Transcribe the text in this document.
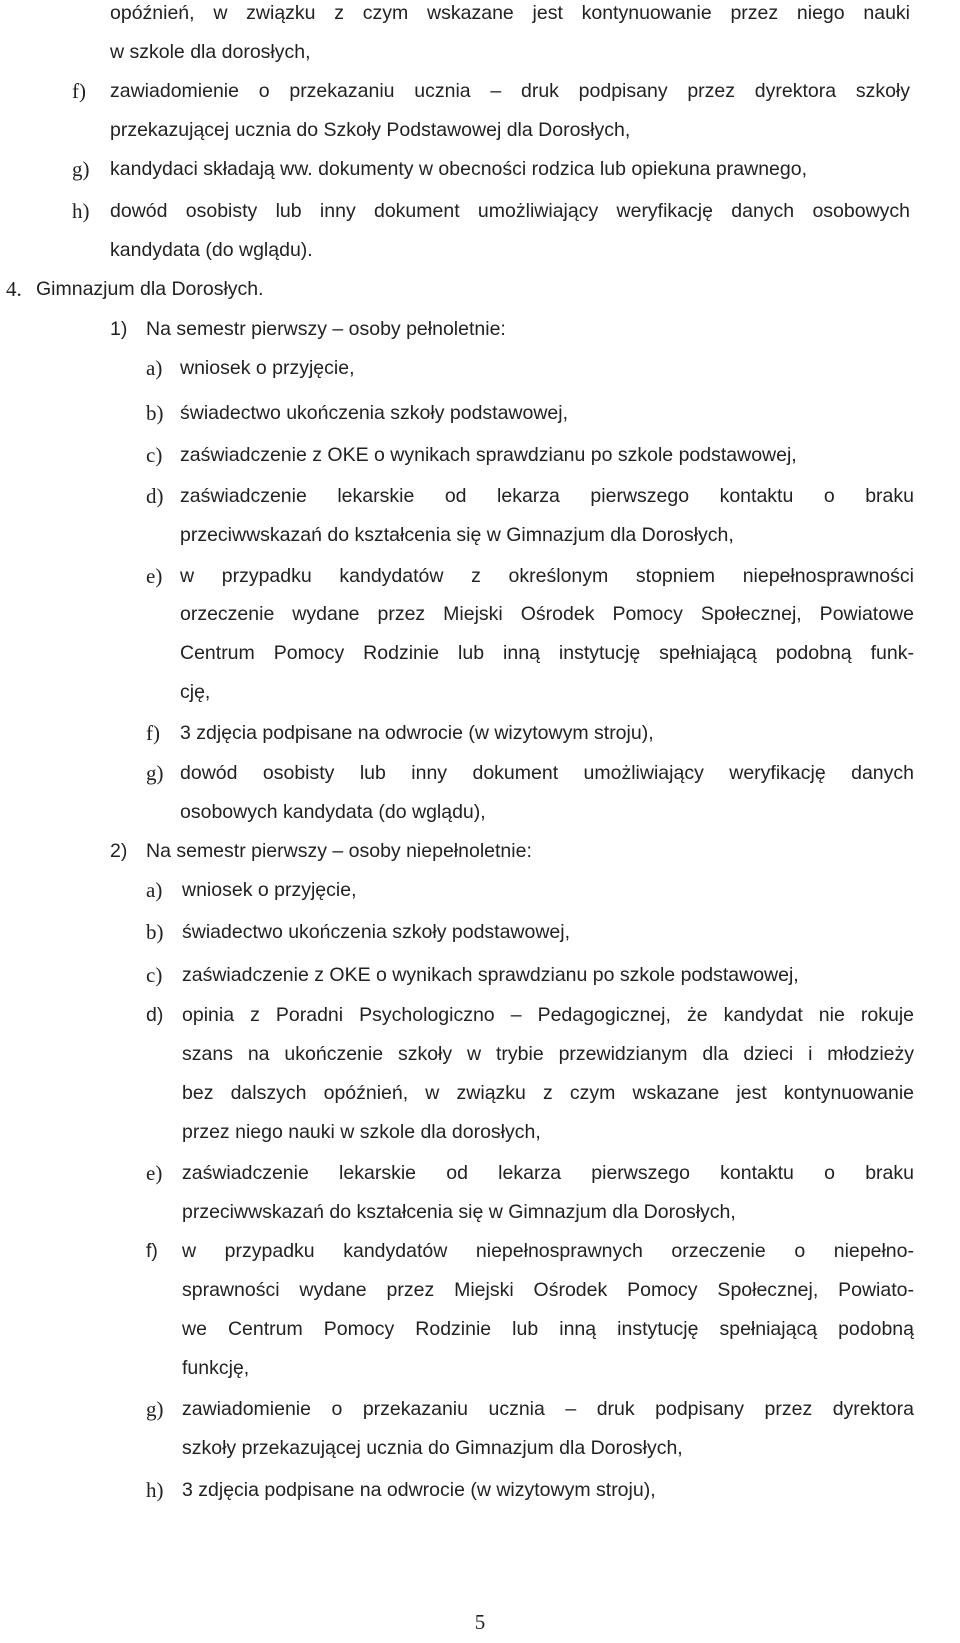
opóźnień, w związku z czym wskazane jest kontynuowanie przez niego nauki
w szkole dla dorosłych,
f) zawiadomienie o przekazaniu ucznia – druk podpisany przez dyrektora szkoły
przekazującej ucznia do Szkoły Podstawowej dla Dorosłych,
g) kandydaci składają ww. dokumenty w obecności rodzica lub opiekuna prawnego,
h) dowód osobisty lub inny dokument umożliwiający weryfikację danych osobowych
kandydata (do wglądu).
4. Gimnazjum dla Dorosłych.
1) Na semestr pierwszy – osoby pełnoletnie:
a) wniosek o przyjęcie,
b) świadectwo ukończenia szkoły podstawowej,
c) zaświadczenie z OKE o wynikach sprawdzianu po szkole podstawowej,
d) zaświadczenie lekarskie od lekarza pierwszego kontaktu o braku
przeciwwskazań do kształcenia się w Gimnazjum dla Dorosłych,
e) w przypadku kandydatów z określonym stopniem niepełnosprawności
orzeczenie wydane przez Miejski Ośrodek Pomocy Społecznej, Powiatowe
Centrum Pomocy Rodzinie lub inną instytucję spełniającą podobną funk-
cję,
f) 3 zdjęcia podpisane na odwrocie (w wizytowym stroju),
g) dowód osobisty lub inny dokument umożliwiający weryfikację danych
osobowych kandydata (do wglądu),
2) Na semestr pierwszy – osoby niepełnoletnie:
a) wniosek o przyjęcie,
b) świadectwo ukończenia szkoły podstawowej,
c) zaświadczenie z OKE o wynikach sprawdzianu po szkole podstawowej,
d) opinia z Poradni Psychologiczno – Pedagogicznej, że kandydat nie rokuje
szans na ukończenie szkoły w trybie przewidzianym dla dzieci i młodzieży
bez dalszych opóźnień, w związku z czym wskazane jest kontynuowanie
przez niego nauki w szkole dla dorosłych,
e) zaświadczenie lekarskie od lekarza pierwszego kontaktu o braku
przeciwwskazań do kształcenia się w Gimnazjum dla Dorosłych,
f) w przypadku kandydatów niepełnosprawnych orzeczenie o niepełno-
sprawności wydane przez Miejski Ośrodek Pomocy Społecznej, Powiato-
we Centrum Pomocy Rodzinie lub inną instytucję spełniającą podobną
funkcję,
g) zawiadomienie o przekazaniu ucznia – druk podpisany przez dyrektora
szkoły przekazującej ucznia do Gimnazjum dla Dorosłych,
h) 3 zdjęcia podpisane na odwrocie (w wizytowym stroju),
5
